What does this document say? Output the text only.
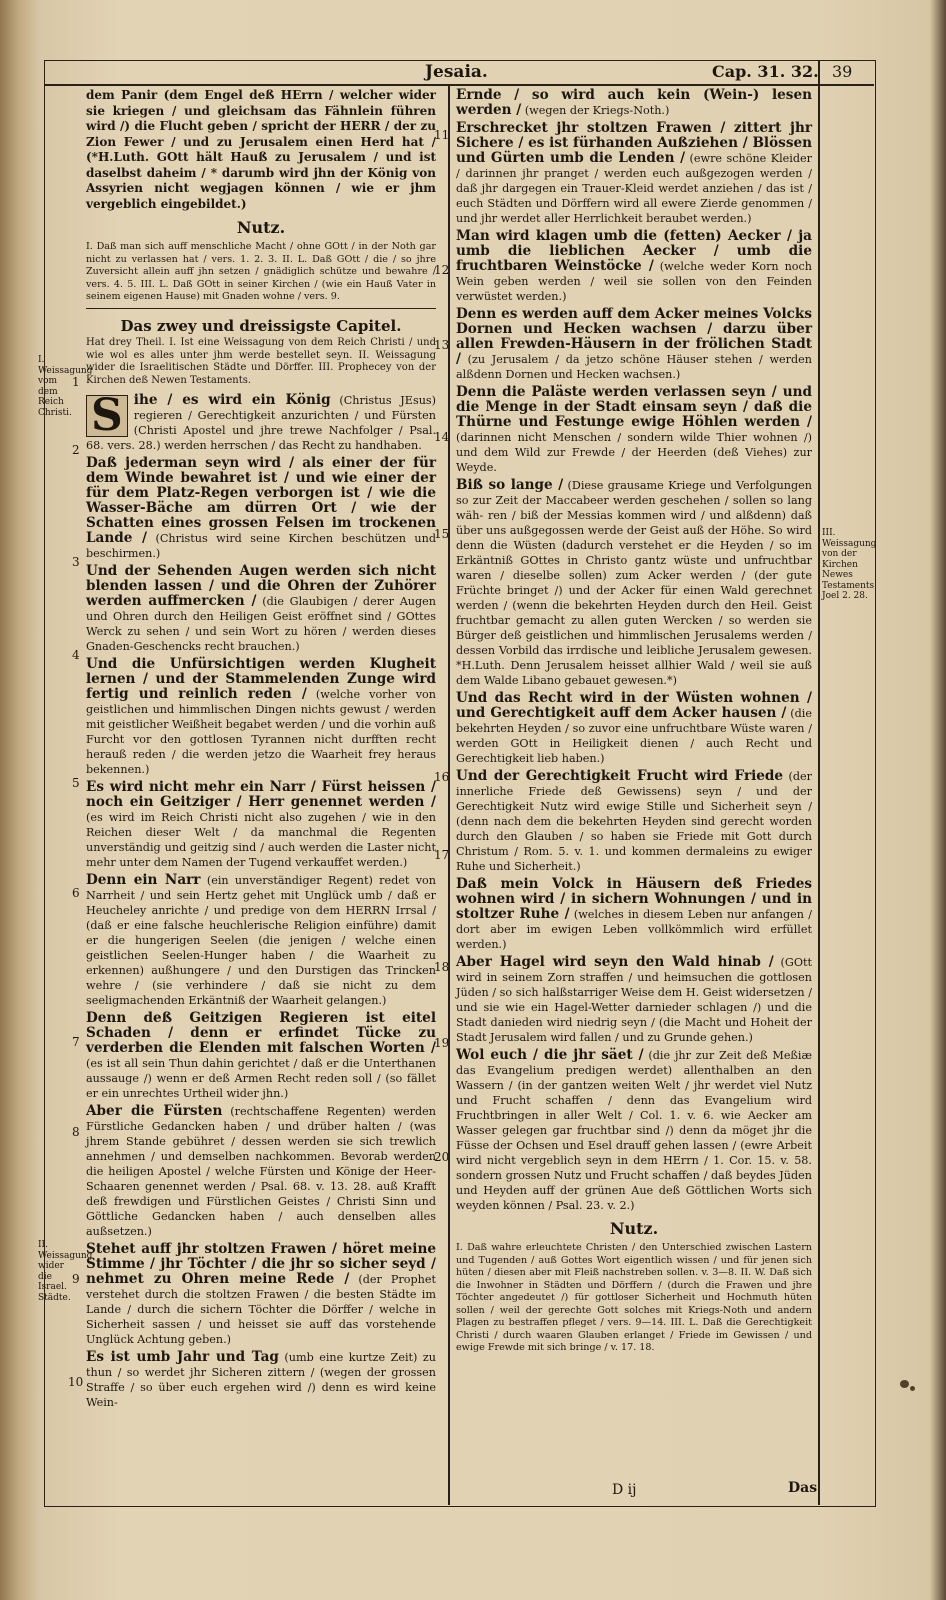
Jesaia.	Cap. 31. 32. 39
I. Weissagung vom dem Reich Christi.
II. Weissagung wider die Israel. Städte.
III. Weissagung von der Kirchen Newes Testaments Joel 2. 28.
1
2
3
4
5
6
7
8
9
10
11
12
13
14
15
16
17
18
19
20

dem Panir (dem Engel deß HErrn / welcher wider sie kriegen / und gleichsam das Fähnlein führen wird /) die Flucht geben / spricht der HERR / der zu Zion Fewer / und zu Jerusalem einen Herd hat / (*H.Luth. GOtt hält Hauß zu Jerusalem / und ist daselbst daheim / * darumb wird jhn der König von Assyrien nicht wegjagen können / wie er jhm vergeblich eingebildet.)

Nutz.

I. Daß man sich auff menschliche Macht / ohne GOtt / in der Noth gar nicht zu verlassen hat / vers. 1. 2. 3. II. L. Daß GOtt / die / so jhre Zuversicht allein auff jhn setzen / gnädiglich schütze und bewahre / vers. 4. 5. III. L. Daß GOtt in seiner Kirchen / (wie ein Hauß Vater in seinem eigenen Hause) mit Gnaden wohne / vers. 9.

Das zwey und dreissigste Capitel.

Hat drey Theil. I. Ist eine Weissagung von dem Reich Christi / und wie wol es alles unter jhm werde bestellet seyn. II. Weissagung wider die Israelitischen Städte und Dörffer. III. Prophecey von der Kirchen deß Newen Testaments.

S ihe / es wird ein König (Christus JEsus) regieren / Gerechtigkeit anzurichten / und Fürsten (Christi Apostel und jhre trewe Nachfolger / Psal. 68. vers. 28.) werden herrschen / das Recht zu handhaben.

Daß jederman seyn wird / als einer der für dem Winde bewahret ist / und wie einer der für dem Platz-Regen verborgen ist / wie die Wasser-Bäche am dürren Ort / wie der Schatten eines grossen Felsen im trockenen Lande / (Christus wird seine Kirchen beschützen und beschirmen.)

Und der Sehenden Augen werden sich nicht blenden lassen / und die Ohren der Zuhörer werden auffmercken / (die Glaubigen / derer Augen und Ohren durch den Heiligen Geist eröffnet sind / GOttes Werck zu sehen / und sein Wort zu hören / werden dieses Gnaden-Geschencks recht brauchen.)

Und die Unfürsichtigen werden Klugheit lernen / und der Stammelenden Zunge wird fertig und reinlich reden / (welche vorher von geistlichen und himmlischen Dingen nichts gewust / werden mit geistlicher Weißheit begabet werden / und die vorhin auß Furcht vor den gottlosen Tyrannen nicht durfften recht herauß reden / die werden jetzo die Waarheit frey heraus bekennen.)

Es wird nicht mehr ein Narr / Fürst heissen / noch ein Geitziger / Herr genennet werden / (es wird im Reich Christi nicht also zugehen / wie in den Reichen dieser Welt / da manchmal die Regenten unverständig und geitzig sind / auch werden die Laster nicht mehr unter dem Namen der Tugend verkauffet werden.)

Denn ein Narr (ein unverständiger Regent) redet von Narrheit / und sein Hertz gehet mit Unglück umb / daß er Heucheley anrichte / und predige von dem HERRN Irrsal / (daß er eine falsche heuchlerische Religion einführe) damit er die hungerigen Seelen (die jenigen / welche einen geistlichen Seelen-Hunger haben / die Waarheit zu erkennen) außhungere / und den Durstigen das Trincken wehre / (sie verhindere / daß sie nicht zu dem seeligmachenden Erkäntniß der Waarheit gelangen.)

Denn deß Geitzigen Regieren ist eitel Schaden / denn er erfindet Tücke zu verderben die Elenden mit falschen Worten / (es ist all sein Thun dahin gerichtet / daß er die Unterthanen aussauge /) wenn er deß Armen Recht reden soll / (so fället er ein unrechtes Urtheil wider jhn.)

Aber die Fürsten (rechtschaffene Regenten) werden Fürstliche Gedancken haben / und drüber halten / (was jhrem Stande gebühret / dessen werden sie sich trewlich annehmen / und demselben nachkommen. Bevorab werden die heiligen Apostel / welche Fürsten und Könige der Heer-Schaaren genennet werden / Psal. 68. v. 13. 28. auß Krafft deß frewdigen und Fürstlichen Geistes / Christi Sinn und Göttliche Gedancken haben / auch denselben alles außsetzen.)

Stehet auff jhr stoltzen Frawen / höret meine Stimme / jhr Töchter / die jhr so sicher seyd / nehmet zu Ohren meine Rede / (der Prophet verstehet durch die stoltzen Frawen / die besten Städte im Lande / durch die sichern Töchter die Dörffer / welche in Sicherheit sassen / und heisset sie auff das vorstehende Unglück Achtung geben.)

Es ist umb Jahr und Tag (umb eine kurtze Zeit) zu thun / so werdet jhr Sicheren zittern / (wegen der grossen Straffe / so über euch ergehen wird /) denn es wird keine Wein-

Ernde / so wird auch kein (Wein-) lesen werden / (wegen der Kriegs-Noth.)

Erschrecket jhr stoltzen Frawen / zittert jhr Sichere / es ist fürhanden Außziehen / Blössen und Gürten umb die Lenden / (ewre schöne Kleider / darinnen jhr pranget / werden euch außgezogen werden / daß jhr dargegen ein Trauer-Kleid werdet anziehen / das ist / euch Städten und Dörffern wird all ewere Zierde genommen / und jhr werdet aller Herrlichkeit beraubet werden.)

Man wird klagen umb die (fetten) Aecker / ja umb die lieblichen Aecker / umb die fruchtbaren Weinstöcke / (welche weder Korn noch Wein geben werden / weil sie sollen von den Feinden verwüstet werden.)

Denn es werden auff dem Acker meines Volcks Dornen und Hecken wachsen / darzu über allen Frewden-Häusern in der frölichen Stadt / (zu Jerusalem / da jetzo schöne Häuser stehen / werden alßdenn Dornen und Hecken wachsen.)

Denn die Paläste werden verlassen seyn / und die Menge in der Stadt einsam seyn / daß die Thürne und Festunge ewige Höhlen werden / (darinnen nicht Menschen / sondern wilde Thier wohnen /) und dem Wild zur Frewde / der Heerden (deß Viehes) zur Weyde.

Biß so lange / (Diese grausame Kriege und Verfolgungen so zur Zeit der Maccabeer werden geschehen / sollen so lang wäh- ren / biß der Messias kommen wird / und alßdenn) daß über uns außgegossen werde der Geist auß der Höhe. So wird denn die Wüsten (dadurch verstehet er die Heyden / so im Erkäntniß GOttes in Christo gantz wüste und unfruchtbar waren / dieselbe sollen) zum Acker werden / (der gute Früchte bringet /) und der Acker für einen Wald gerechnet werden / (wenn die bekehrten Heyden durch den Heil. Geist fruchtbar gemacht zu allen guten Wercken / so werden sie Bürger deß geistlichen und himmlischen Jerusalems werden / dessen Vorbild das irrdische und leibliche Jerusalem gewesen. *H.Luth. Denn Jerusalem heisset allhier Wald / weil sie auß dem Walde Libano gebauet gewesen.*)

Und das Recht wird in der Wüsten wohnen / und Gerechtigkeit auff dem Acker hausen / (die bekehrten Heyden / so zuvor eine unfruchtbare Wüste waren / werden GOtt in Heiligkeit dienen / auch Recht und Gerechtigkeit lieb haben.)

Und der Gerechtigkeit Frucht wird Friede (der innerliche Friede deß Gewissens) seyn / und der Gerechtigkeit Nutz wird ewige Stille und Sicherheit seyn / (denn nach dem die bekehrten Heyden sind gerecht worden durch den Glauben / so haben sie Friede mit Gott durch Christum / Rom. 5. v. 1. und kommen dermaleins zu ewiger Ruhe und Sicherheit.)

Daß mein Volck in Häusern deß Friedes wohnen wird / in sichern Wohnungen / und in stoltzer Ruhe / (welches in diesem Leben nur anfangen / dort aber im ewigen Leben vollkömmlich wird erfüllet werden.)

Aber Hagel wird seyn den Wald hinab / (GOtt wird in seinem Zorn straffen / und heimsuchen die gottlosen Jüden / so sich halßstarriger Weise dem H. Geist widersetzen / und sie wie ein Hagel-Wetter darnieder schlagen /) und die Stadt danieden wird niedrig seyn / (die Macht und Hoheit der Stadt Jerusalem wird fallen / und zu Grunde gehen.)

Wol euch / die jhr säet / (die jhr zur Zeit deß Meßiæ das Evangelium predigen werdet) allenthalben an den Wassern / (in der gantzen weiten Welt / jhr werdet viel Nutz und Frucht schaffen / denn das Evangelium wird Fruchtbringen in aller Welt / Col. 1. v. 6. wie Aecker am Wasser gelegen gar fruchtbar sind /) denn da möget jhr die Füsse der Ochsen und Esel drauff gehen lassen / (ewre Arbeit wird nicht vergeblich seyn in dem HErrn / 1. Cor. 15. v. 58. sondern grossen Nutz und Frucht schaffen / daß beydes Jüden und Heyden auff der grünen Aue deß Göttlichen Worts sich weyden können / Psal. 23. v. 2.)

Nutz.

I. Daß wahre erleuchtete Christen / den Unterschied zwischen Lastern und Tugenden / auß Gottes Wort eigentlich wissen / und für jenen sich hüten / diesen aber mit Fleiß nachstreben sollen. v. 3—8. II. W. Daß sich die Inwohner in Städten und Dörffern / (durch die Frawen und jhre Töchter angedeutet /) für gottloser Sicherheit und Hochmuth hüten sollen / weil der gerechte Gott solches mit Kriegs-Noth und andern Plagen zu bestraffen pfleget / vers. 9—14. III. L. Daß die Gerechtigkeit Christi / durch waaren Glauben erlanget / Friede im Gewissen / und ewige Frewde mit sich bringe / v. 17. 18.

D ij	Das
